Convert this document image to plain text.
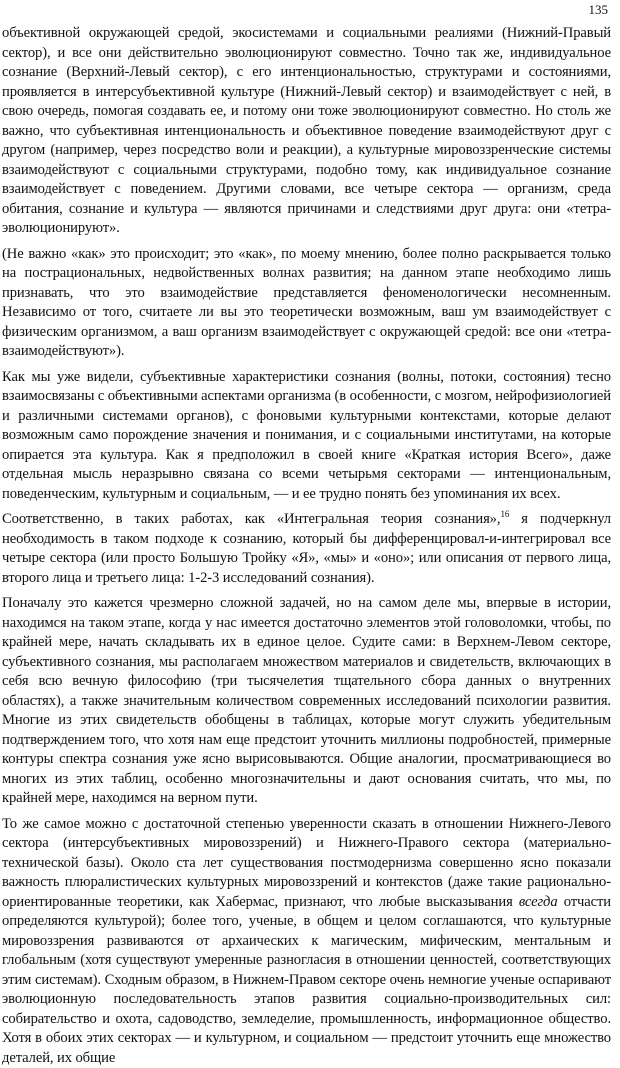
135

объективной окружающей средой, экосистемами и социальными реалиями (Нижний-Правый сектор), и все они действительно эволюционируют совместно. Точно так же, индивидуальное сознание (Верхний-Левый сектор), с его интенциональностью, структурами и состояниями, проявляется в интерсубъективной культуре (Нижний-Левый сектор) и взаимодействует с ней, в свою очередь, помогая создавать ее, и потому они тоже эволюционируют совместно. Но столь же важно, что субъективная интенциональность и объективное поведение взаимодействуют друг с другом (например, через посредство воли и реакции), а культурные мировоззренческие системы взаимодействуют с социальными структурами, подобно тому, как индивидуальное сознание взаимодействует с поведением. Другими словами, все четыре сектора — организм, среда обитания, сознание и культура — являются причинами и следствиями друг друга: они «тетра-эволюционируют».

(Не важно «как» это происходит; это «как», по моему мнению, более полно раскрывается только на пострациональных, недвойственных волнах развития; на данном этапе необходимо лишь признавать, что это взаимодействие представляется феноменологически несомненным. Независимо от того, считаете ли вы это теоретически возможным, ваш ум взаимодействует с физическим организмом, а ваш организм взаимодействует с окружающей средой: все они «тетра-взаимодействуют»).

Как мы уже видели, субъективные характеристики сознания (волны, потоки, состояния) тесно взаимосвязаны с объективными аспектами организма (в особенности, с мозгом, нейрофизиологией и различными системами органов), с фоновыми культурными контекстами, которые делают возможным само порождение значения и понимания, и с социальными институтами, на которые опирается эта культура. Как я предположил в своей книге «Краткая история Всего», даже отдельная мысль неразрывно связана со всеми четырьмя секторами — интенциональным, поведенческим, культурным и социальным, — и ее трудно понять без упоминания их всех.

Соответственно, в таких работах, как «Интегральная теория сознания»,$^{16}$ я подчеркнул необходимость в таком подходе к сознанию, который бы дифференцировал-и-интегрировал все четыре сектора (или просто Большую Тройку «Я», «мы» и «оно»; или описания от первого лица, второго лица и третьего лица: 1-2-3 исследований сознания).

Поначалу это кажется чрезмерно сложной задачей, но на самом деле мы, впервые в истории, находимся на таком этапе, когда у нас имеется достаточно элементов этой головоломки, чтобы, по крайней мере, начать складывать их в единое целое. Судите сами: в Верхнем-Левом секторе, субъективного сознания, мы располагаем множеством материалов и свидетельств, включающих в себя всю вечную философию (три тысячелетия тщательного сбора данных о внутренних областях), а также значительным количеством современных исследований психологии развития. Многие из этих свидетельств обобщены в таблицах, которые могут служить убедительным подтверждением того, что хотя нам еще предстоит уточнить миллионы подробностей, примерные контуры спектра сознания уже ясно вырисовываются. Общие аналогии, просматривающиеся во многих из этих таблиц, особенно многозначительны и дают основания считать, что мы, по крайней мере, находимся на верном пути.

То же самое можно с достаточной степенью уверенности сказать в отношении Нижнего-Левого сектора (интерсубъективных мировоззрений) и Нижнего-Правого сектора (материально-технической базы). Около ста лет существования постмодернизма совершенно ясно показали важность плюралистических культурных мировоззрений и контекстов (даже такие рационально-ориентированные теоретики, как Хабермас, признают, что любые высказывания всегда отчасти определяются культурой); более того, ученые, в общем и целом соглашаются, что культурные мировоззрения развиваются от архаических к магическим, мифическим, ментальным и глобальным (хотя существуют умеренные разногласия в отношении ценностей, соответствующих этим системам). Сходным образом, в Нижнем-Правом секторе очень немногие ученые оспаривают эволюционную последовательность этапов развития социально-производительных сил: собирательство и охота, садоводство, земледелие, промышленность, информационное общество. Хотя в обоих этих секторах — и культурном, и социальном — предстоит уточнить еще множество деталей, их общие
